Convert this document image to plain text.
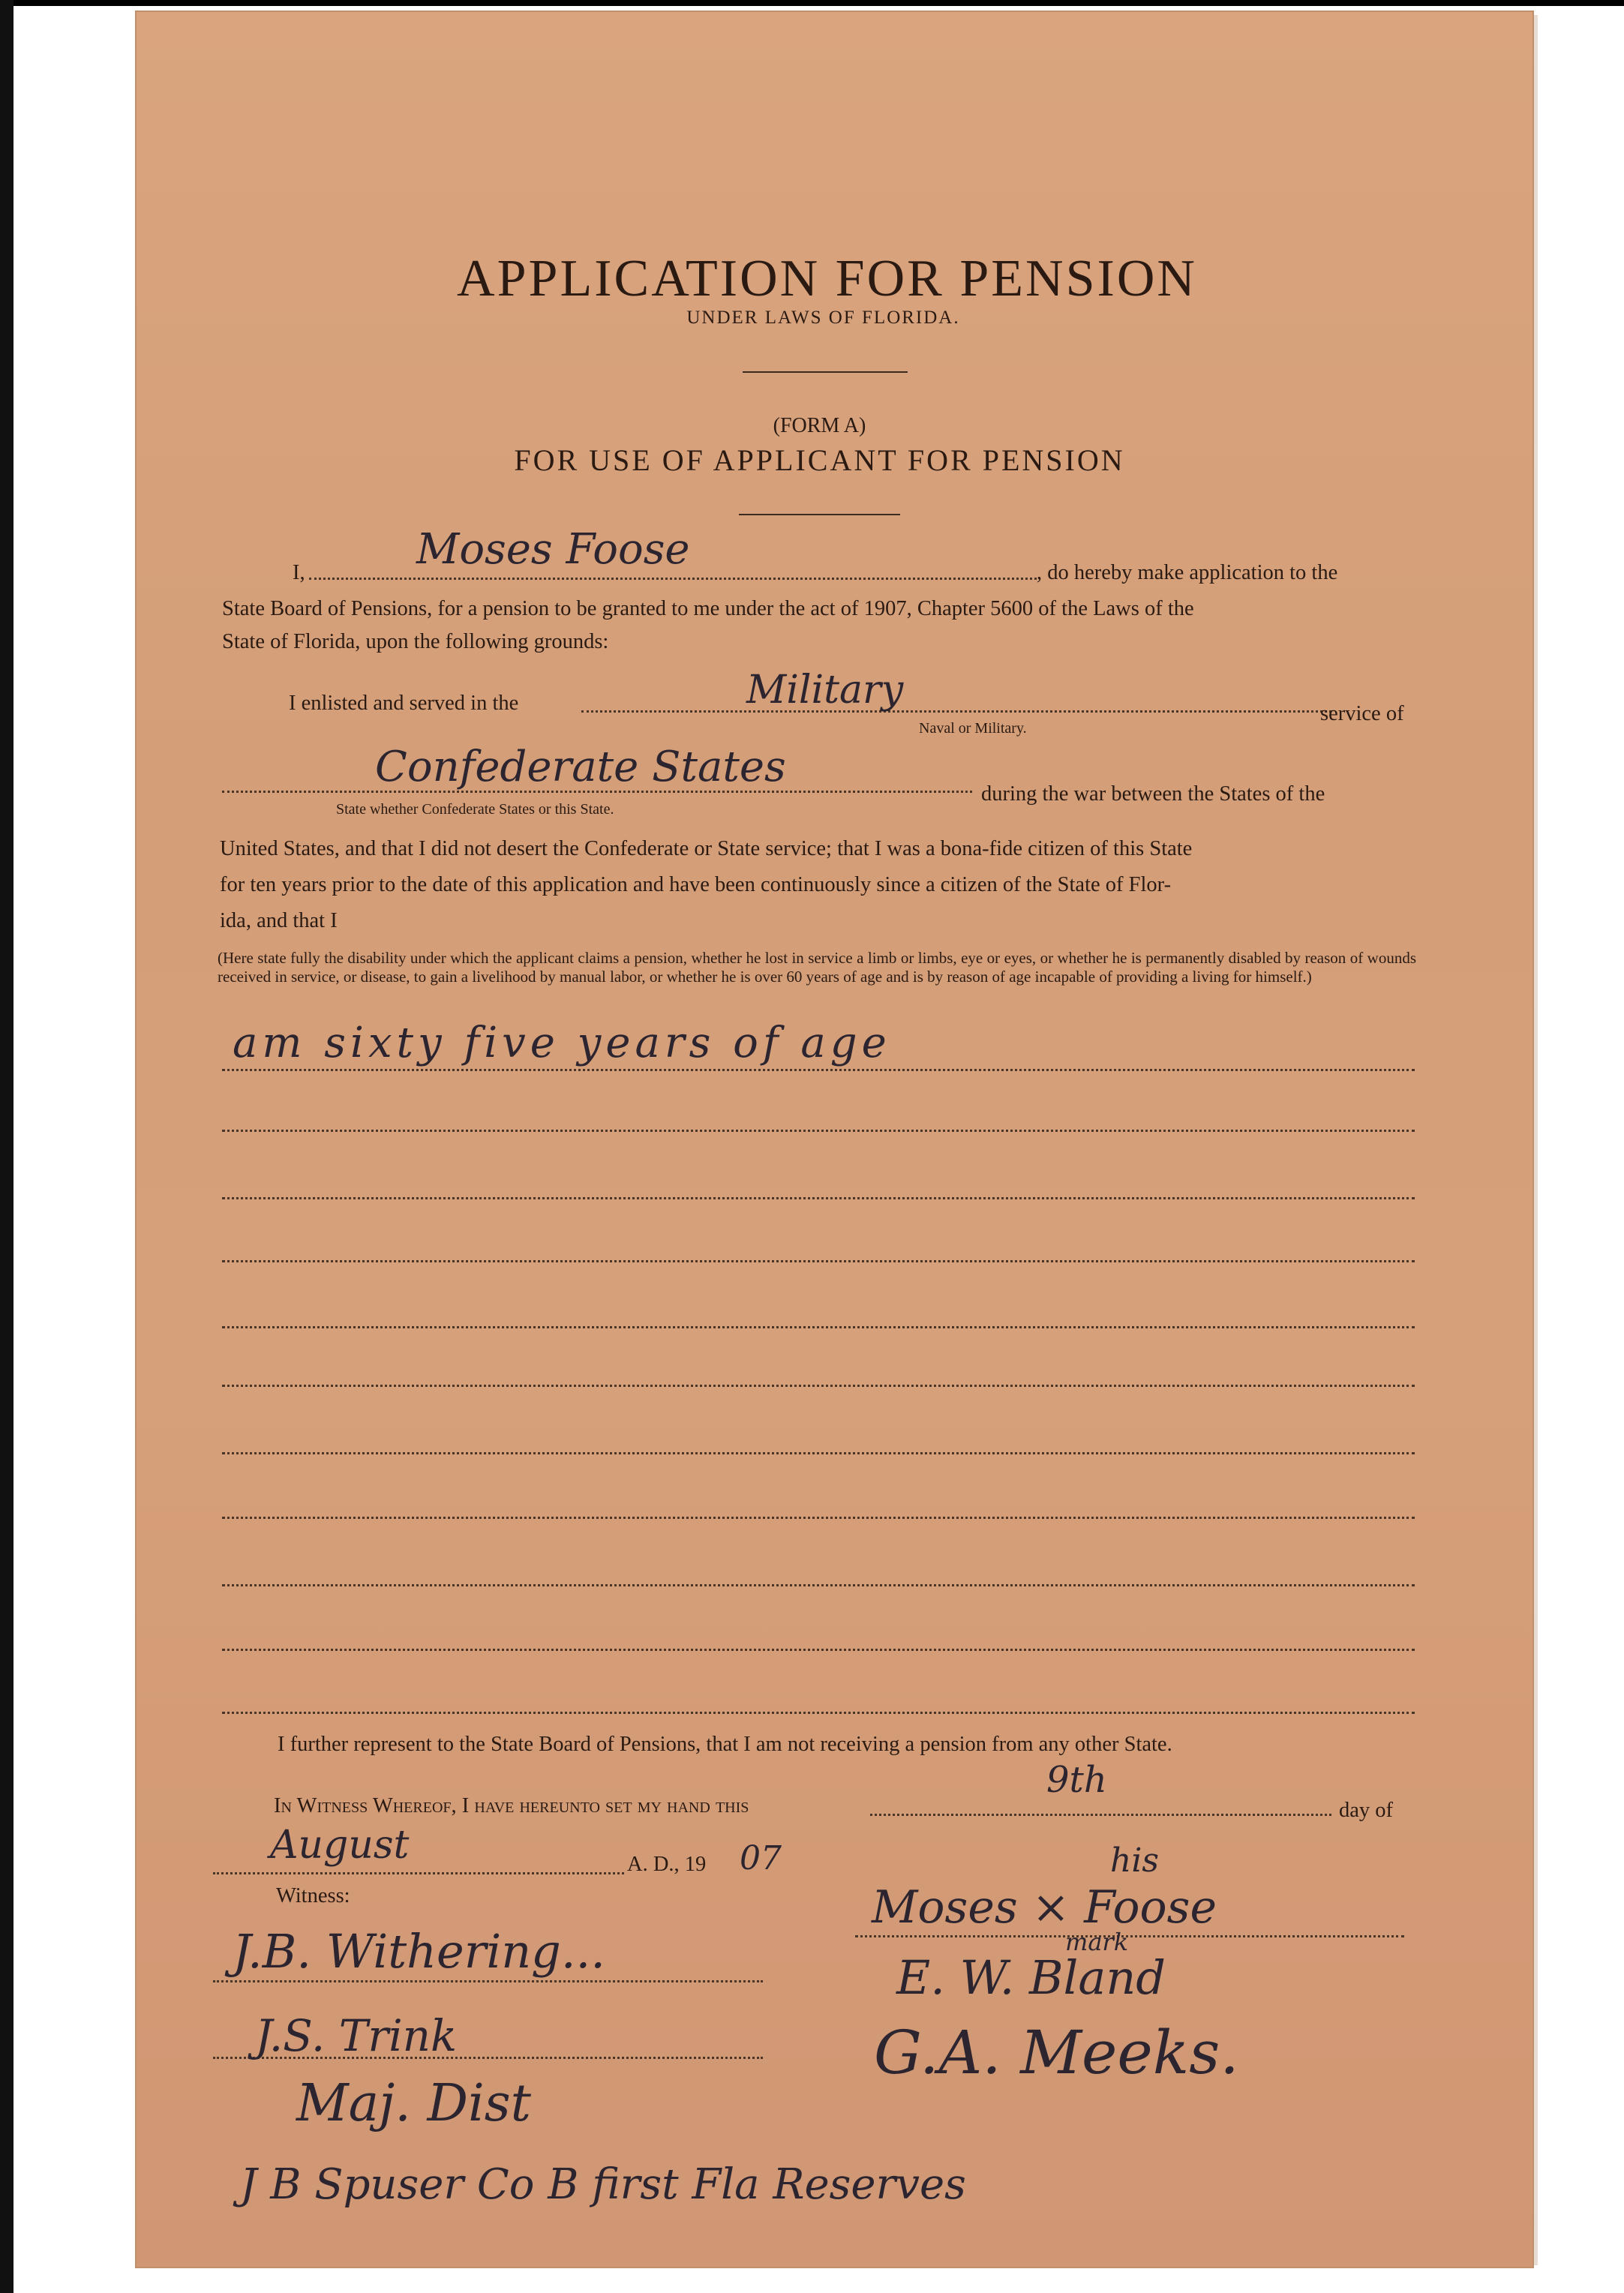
APPLICATION FOR PENSION
UNDER LAWS OF FLORIDA.
(FORM A)
FOR USE OF APPLICANT FOR PENSION
I,	Moses Foose	, do hereby make application to the
State Board of Pensions, for a pension to be granted to me under the act of 1907, Chapter 5600 of the Laws of the
State of Florida, upon the following grounds:
I enlisted and served in the	Military
Naval or Military.
service of
Confederate States
State whether Confederate States or this State.
during the war between the States of the
United States, and that I did not desert the Confederate or State service; that I was a bona-fide citizen of this State
for ten years prior to the date of this application and have been continuously since a citizen of the State of Flor-
ida, and that I
(Here state fully the disability under which the applicant claims a pension, whether he lost in service a limb or limbs, eye or eyes, or whether he is permanently disabled by reason of wounds received in service, or disease, to gain a livelihood by manual labor, or whether he is over 60 years of age and is by reason of age incapable of providing a living for himself.)
am sixty five years of age
I further represent to the State Board of Pensions, that I am not receiving a pension from any other State.
In Witness Whereof, I have hereunto set my hand this
9th
day of
August	A. D., 19 07
Witness:
J.B. Withering...
J.S. Trink
his
Moses × Foose
mark
E. W. Bland
G.A. Meeks.
Maj. Dist
J B Spuser Co B first Fla Reserves
